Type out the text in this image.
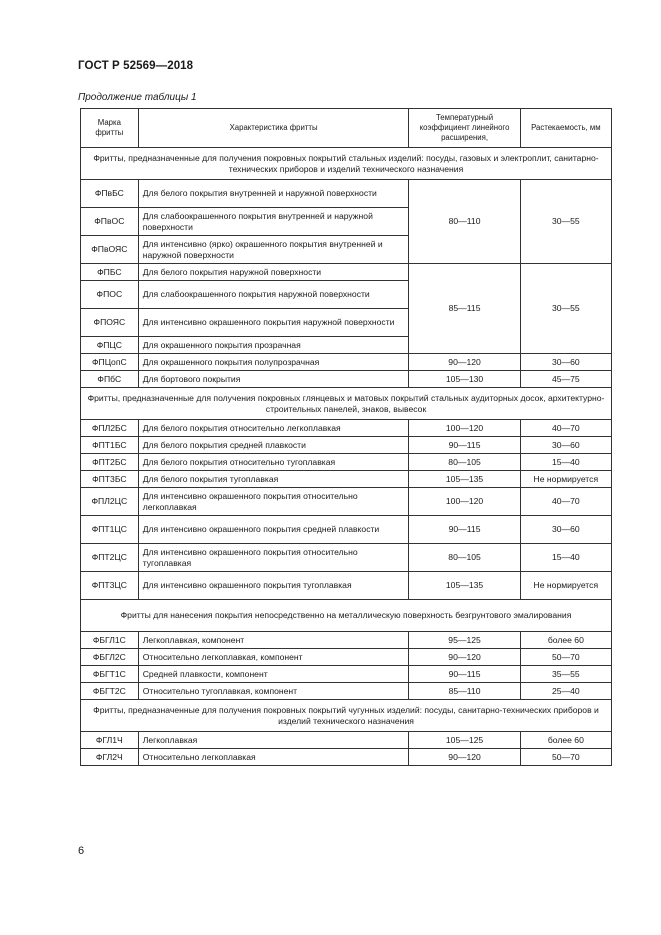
ГОСТ Р 52569—2018
Продолжение таблицы 1
Марка фритты	Характеристика фритты	Температурный коэффициент линейного расширения,	Растекаемость, мм
Фритты, предназначенные для получения покровных покрытий стальных изделий: посуды, газовых и электроплит, санитарно-технических приборов и изделий технического назначения			
ФПвБС	Для белого покрытия внутренней и наружной поверхности	80—110	30—55
ФПвОС	Для слабоокрашенного покрытия внутренней и наружной поверхности		
ФПвОЯС	Для интенсивно (ярко) окрашенного покрытия внутренней и наружной поверхности		
ФПБС	Для белого покрытия наружной поверхности	85—115	30—55
ФПОС	Для слабоокрашенного покрытия наружной поверхности		
ФПОЯС	Для интенсивно окрашенного покрытия наружной поверхности		
ФПЦС	Для окрашенного покрытия прозрачная		
ФПЦопС	Для окрашенного покрытия полупрозрачная	90—120	30—60
ФПбС	Для бортового покрытия	105—130	45—75
Фритты, предназначенные для получения покровных глянцевых и матовых покрытий стальных аудиторных досок, архитектурно-строительных панелей, знаков, вывесок			
ФПЛ2БС	Для белого покрытия относительно легкоплавкая	100—120	40—70
ФПТ1БС	Для белого покрытия средней плавкости	90—115	30—60
ФПТ2БС	Для белого покрытия относительно тугоплавкая	80—105	15—40
ФПТ3БС	Для белого покрытия тугоплавкая	105—135	Не нормируется
ФПЛ2ЦС	Для интенсивно окрашенного покрытия относительно легкоплавкая	100—120	40—70
ФПТ1ЦС	Для интенсивно окрашенного покрытия средней плавкости	90—115	30—60
ФПТ2ЦС	Для интенсивно окрашенного покрытия относительно тугоплавкая	80—105	15—40
ФПТ3ЦС	Для интенсивно окрашенного покрытия тугоплавкая	105—135	Не нормируется
Фритты для нанесения покрытия непосредственно на металлическую поверхность безгрунтового эмалирования			
ФБГЛ1С	Легкоплавкая, компонент	95—125	более 60
ФБГЛ2С	Относительно легкоплавкая, компонент	90—120	50—70
ФБГТ1С	Средней плавкости, компонент	90—115	35—55
ФБГТ2С	Относительно тугоплавкая, компонент	85—110	25—40
Фритты, предназначенные для получения покровных покрытий чугунных изделий: посуды, санитарно-технических приборов и изделий технического назначения			
ФГЛ1Ч	Легкоплавкая	105—125	более 60
ФГЛ2Ч	Относительно легкоплавкая	90—120	50—70
6
